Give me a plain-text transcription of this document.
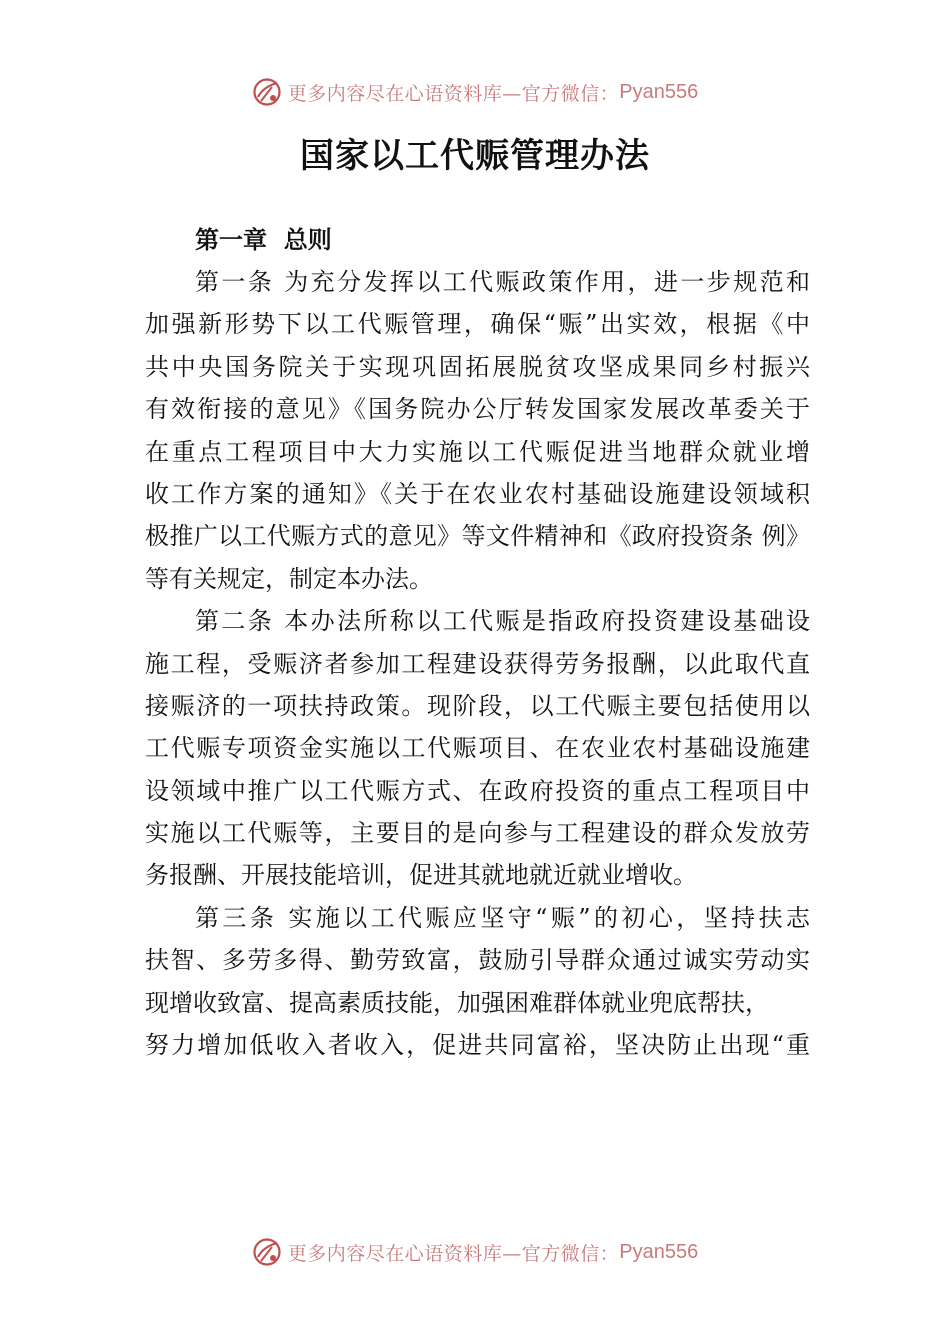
更多内容尽在心语资料库—官方微信： Pyan556
国家以工代赈管理办法
第一章  总则
第一条 为充分发挥以工代赈政策作用，进一步规范和
加强新形势下以工代赈管理，确保“赈”出实效，根据《中
共中央国务院关于实现巩固拓展脱贫攻坚成果同乡村振兴
有效衔接的意见》《国务院办公厅转发国家发展改革委关于
在重点工程项目中大力实施以工代赈促进当地群众就业增
收工作方案的通知》《关于在农业农村基础设施建设领域积
极推广以工代赈方式的意见》等文件精神和《政府投资条 例》
等有关规定，制定本办法。
第二条 本办法所称以工代赈是指政府投资建设基础设
施工程，受赈济者参加工程建设获得劳务报酬，以此取代直
接赈济的一项扶持政策。现阶段，以工代赈主要包括使用以
工代赈专项资金实施以工代赈项目、在农业农村基础设施建
设领域中推广以工代赈方式、在政府投资的重点工程项目中
实施以工代赈等，主要目的是向参与工程建设的群众发放劳
务报酬、开展技能培训，促进其就地就近就业增收。
第三条 实施以工代赈应坚守“赈”的初心，坚持扶志
扶智、多劳多得、勤劳致富，鼓励引导群众通过诚实劳动实
现增收致富、提高素质技能，加强困难群体就业兜底帮扶，
努力增加低收入者收入，促进共同富裕，坚决防止出现“重
更多内容尽在心语资料库—官方微信： Pyan556
